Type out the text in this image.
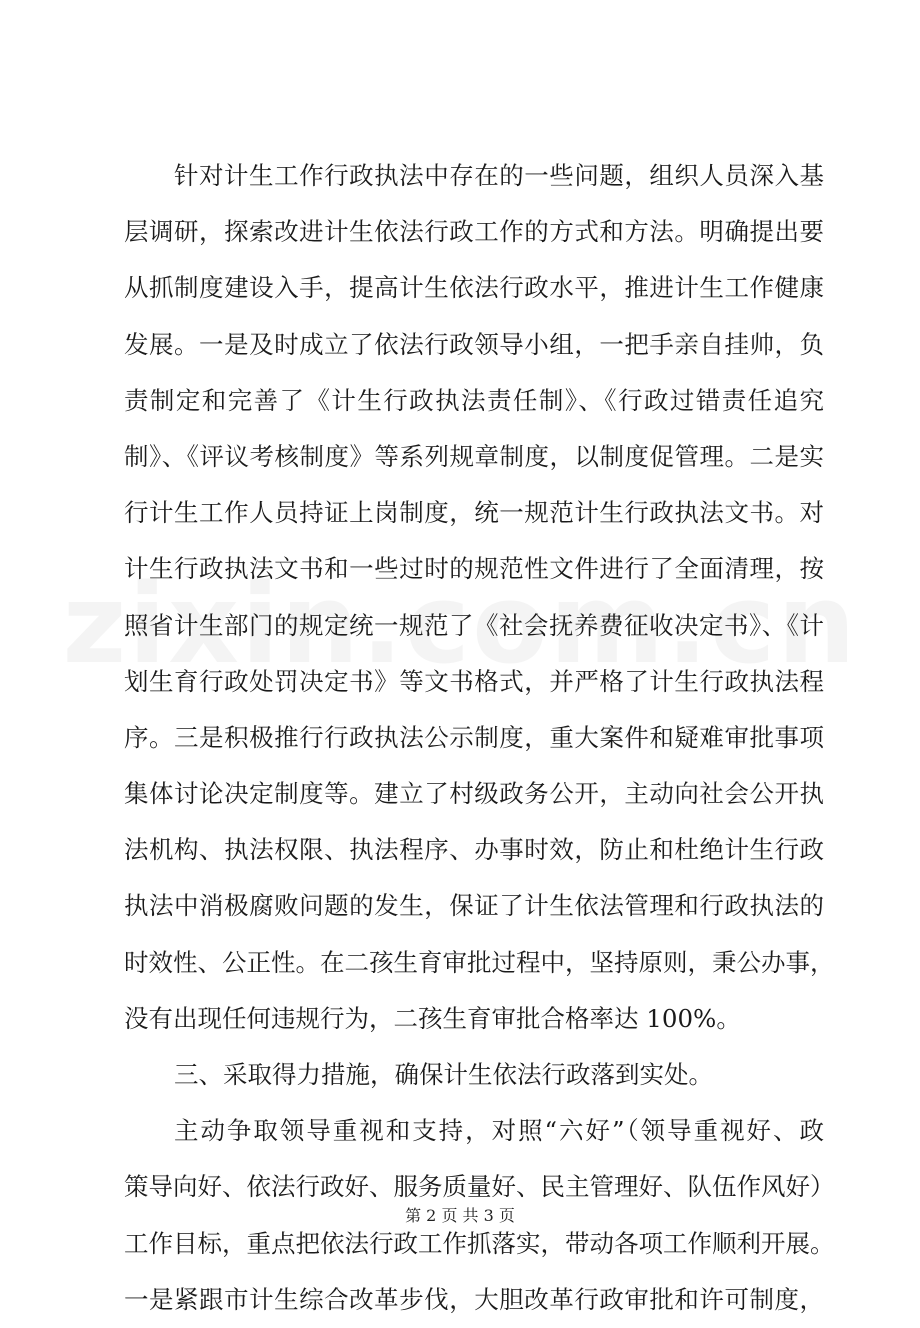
针对计生工作行政执法中存在的一些问题，组织人员深入基
层调研，探索改进计生依法行政工作的方式和方法。明确提出要
从抓制度建设入手，提高计生依法行政水平，推进计生工作健康
发展。一是及时成立了依法行政领导小组，一把手亲自挂帅，负
责制定和完善了《计生行政执法责任制》、《行政过错责任追究
制》、《评议考核制度》等系列规章制度，以制度促管理。二是实
行计生工作人员持证上岗制度，统一规范计生行政执法文书。对
计生行政执法文书和一些过时的规范性文件进行了全面清理，按
照省计生部门的规定统一规范了《社会抚养费征收决定书》、《计
划生育行政处罚决定书》等文书格式，并严格了计生行政执法程
序。三是积极推行行政执法公示制度，重大案件和疑难审批事项
集体讨论决定制度等。建立了村级政务公开，主动向社会公开执
法机构、执法权限、执法程序、办事时效，防止和杜绝计生行政
执法中消极腐败问题的发生，保证了计生依法管理和行政执法的
时效性、公正性。在二孩生育审批过程中，坚持原则，秉公办事，
没有出现任何违规行为，二孩生育审批合格率达 100%。
三、采取得力措施，确保计生依法行政落到实处。
主动争取领导重视和支持，对照“六好”（领导重视好、政
策导向好、依法行政好、服务质量好、民主管理好、队伍作风好）
工作目标，重点把依法行政工作抓落实，带动各项工作顺利开展。
一是紧跟市计生综合改革步伐，大胆改革行政审批和许可制度，
第 2 页 共 3 页
